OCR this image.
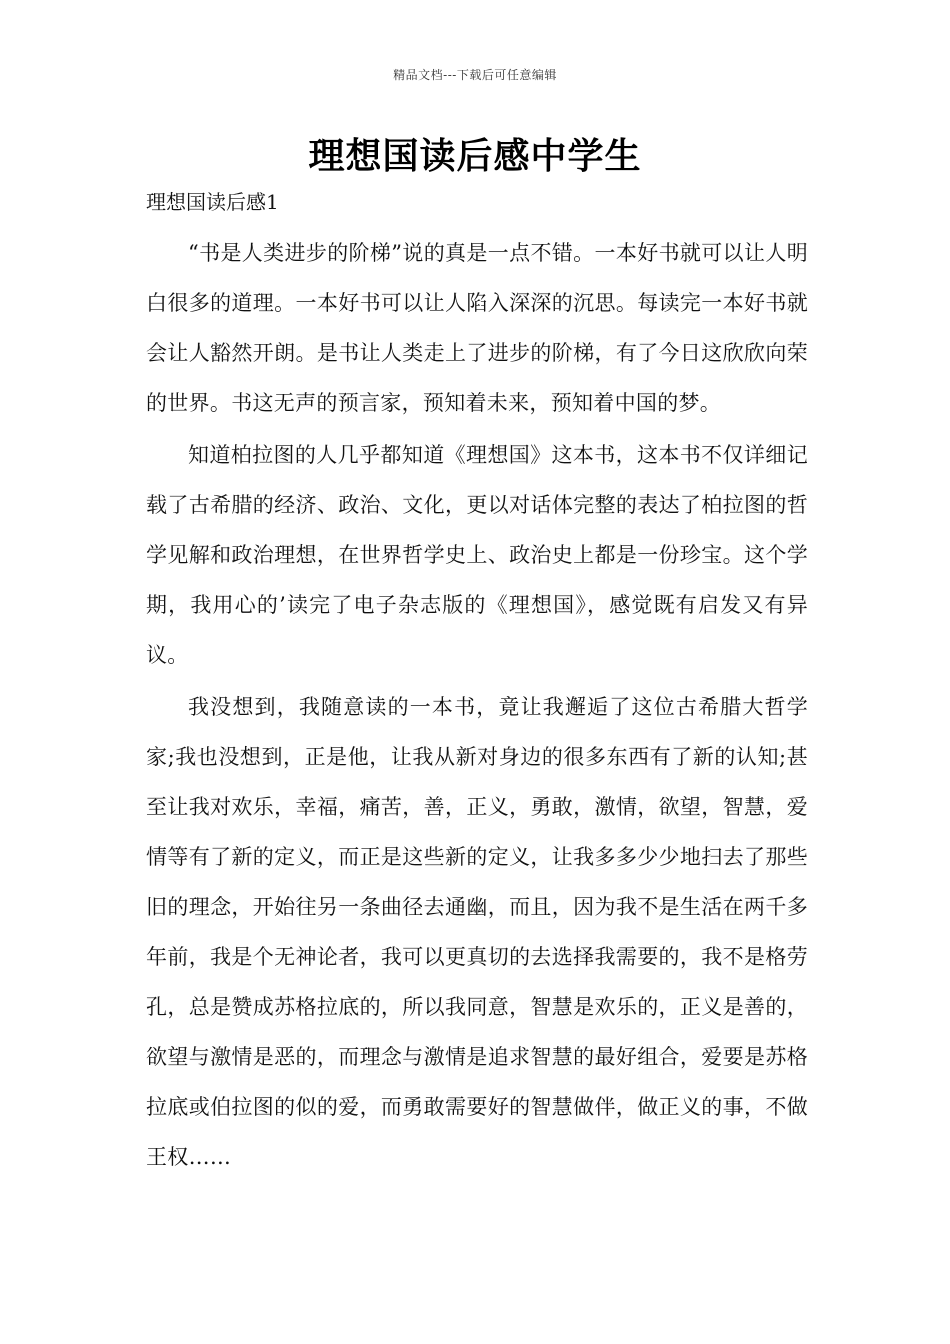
精品文档---下载后可任意编辑
理想国读后感中学生
理想国读后感1

“书是人类进步的阶梯”说的真是一点不错。一本好书就可以让人明白很多的道理。一本好书可以让人陷入深深的沉思。每读完一本好书就会让人豁然开朗。是书让人类走上了进步的阶梯，有了今日这欣欣向荣的世界。书这无声的预言家，预知着未来，预知着中国的梦。

知道柏拉图的人几乎都知道《理想国》这本书，这本书不仅详细记载了古希腊的经济、政治、文化，更以对话体完整的表达了柏拉图的哲学见解和政治理想，在世界哲学史上、政治史上都是一份珍宝。这个学期，我用心的’读完了电子杂志版的《理想国》，感觉既有启发又有异议。

我没想到，我随意读的一本书，竟让我邂逅了这位古希腊大哲学家;我也没想到，正是他，让我从新对身边的很多东西有了新的认知;甚至让我对欢乐，幸福，痛苦，善，正义，勇敢，激情，欲望，智慧，爱情等有了新的定义，而正是这些新的定义，让我多多少少地扫去了那些旧的理念，开始往另一条曲径去通幽，而且，因为我不是生活在两千多年前，我是个无神论者，我可以更真切的去选择我需要的，我不是格劳孔，总是赞成苏格拉底的，所以我同意，智慧是欢乐的，正义是善的，欲望与激情是恶的，而理念与激情是追求智慧的最好组合，爱要是苏格拉底或伯拉图的似的爱，而勇敢需要好的智慧做伴，做正义的事，不做王权……
